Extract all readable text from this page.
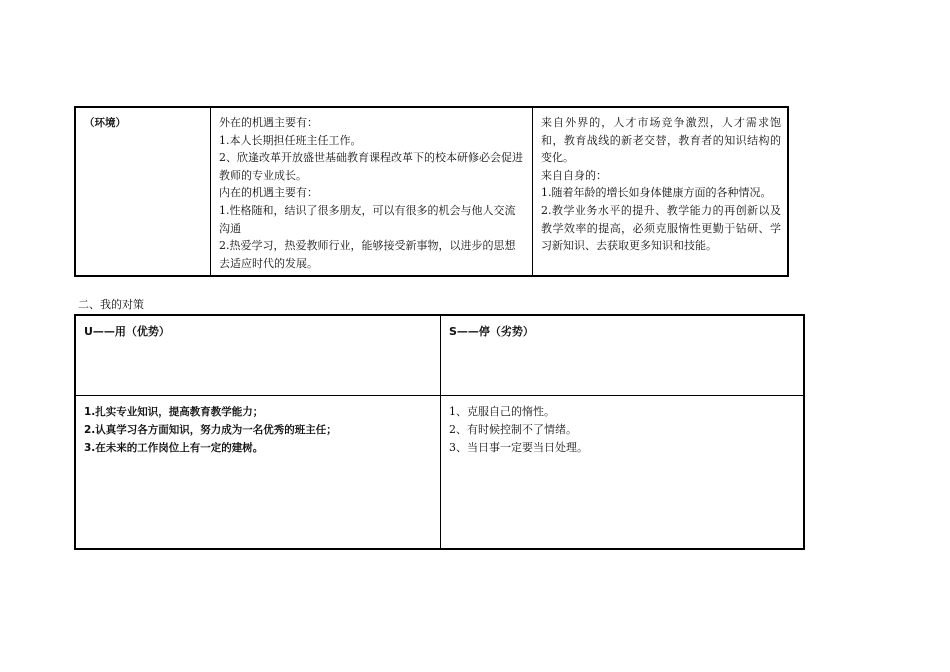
（环境）	外在的机遇主要有：
1.本人长期担任班主任工作。
2、欣逢改革开放盛世基础教育课程改革下的校本研修必会促进教师的专业成长。
内在的机遇主要有：
1.性格随和，结识了很多朋友，可以有很多的机会与他人交流沟通
2.热爱学习，热爱教师行业，能够接受新事物，以进步的思想去适应时代的发展。
来自外界的，人才市场竞争激烈，人才需求饱和，教育战线的新老交替，教育者的知识结构的变化。
来自自身的：
1.随着年龄的增长如身体健康方面的各种情况。
2.教学业务水平的提升、教学能力的再创新以及教学效率的提高，必须克服惰性更勤于钻研、学习新知识、去获取更多知识和技能。
二、我的对策
U——用（优势）	S——停（劣势）
1.扎实专业知识，提高教育教学能力；
2.认真学习各方面知识，努力成为一名优秀的班主任；
3.在未来的工作岗位上有一定的建树。
1、克服自己的惰性。
2、有时候控制不了情绪。
3、当日事一定要当日处理。
